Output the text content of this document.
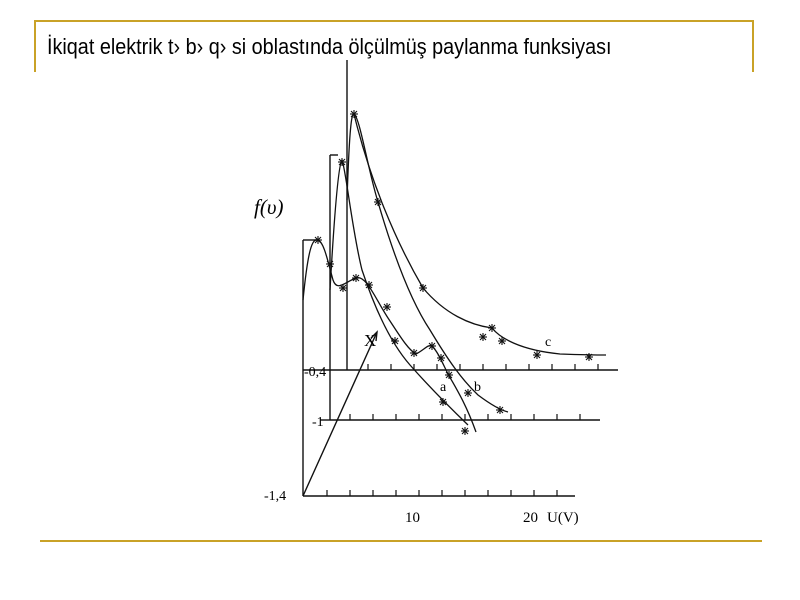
İkiqat elektrik t› b› q› si oblastında ölçülmüş paylanma funksiyası
f(υ)
X
-0,4
-1
-1,4
10	20 U(V)
a b
c
